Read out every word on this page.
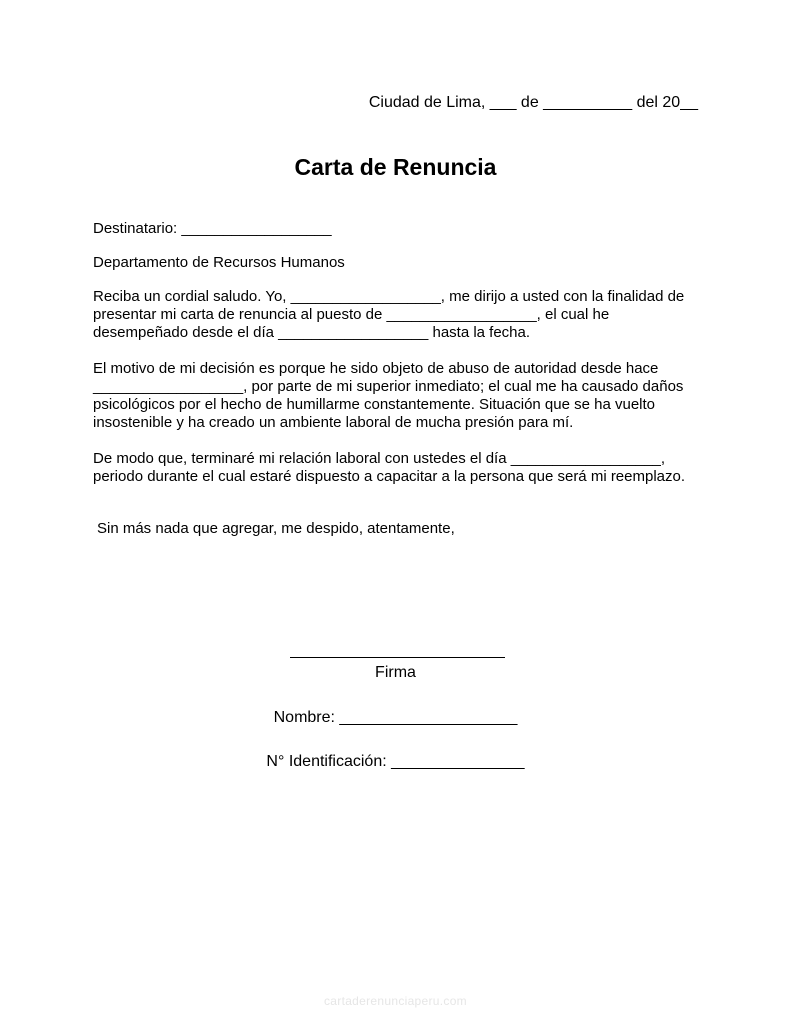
Ciudad de Lima, ___ de __________ del 20__
Carta de Renuncia

Destinatario: __________________

Departamento de Recursos Humanos

Reciba un cordial saludo. Yo, __________________, me dirijo a usted con la finalidad de presentar mi carta de renuncia al puesto de __________________, el cual he desempeñado desde el día __________________ hasta la fecha.

El motivo de mi decisión es porque he sido objeto de abuso de autoridad desde hace __________________, por parte de mi superior inmediato; el cual me ha causado daños psicológicos por el hecho de humillarme constantemente. Situación que se ha vuelto insostenible y ha creado un ambiente laboral de mucha presión para mí.

De modo que, terminaré mi relación laboral con ustedes el día __________________, periodo durante el cual estaré dispuesto a capacitar a la persona que será mi reemplazo.

Sin más nada que agregar, me despido, atentamente,

Firma
Nombre: ____________________
N° Identificación: _______________
cartaderenunciaperu.com
